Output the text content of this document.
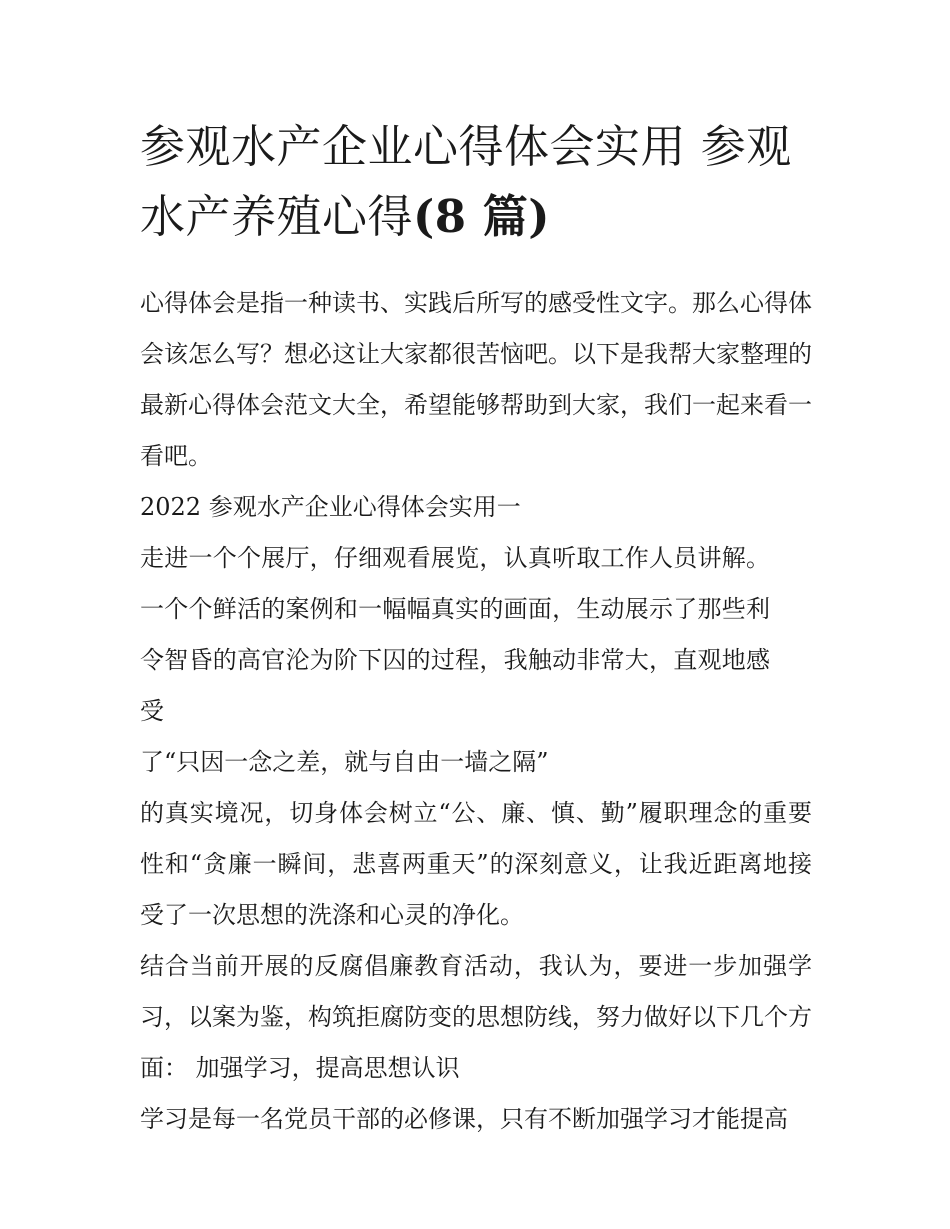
参观水产企业心得体会实用 参观水产养殖心得(8 篇)

心得体会是指一种读书、实践后所写的感受性文字。那么心得体会该怎么写？想必这让大家都很苦恼吧。以下是我帮大家整理的最新心得体会范文大全，希望能够帮助到大家，我们一起来看一看吧。

2022 参观水产企业心得体会实用一

走进一个个展厅，仔细观看展览，认真听取工作人员讲解。一个个鲜活的案例和一幅幅真实的画面，生动展示了那些利令智昏的高官沦为阶下囚的过程，我触动非常大，直观地感受

了“只因一念之差，就与自由一墙之隔”

的真实境况，切身体会树立“公、廉、慎、勤”履职理念的重要性和“贪廉一瞬间，悲喜两重天”的深刻意义，让我近距离地接受了一次思想的洗涤和心灵的净化。

结合当前开展的反腐倡廉教育活动，我认为，要进一步加强学习，以案为鉴，构筑拒腐防变的思想防线，努力做好以下几个方面： 加强学习，提高思想认识

学习是每一名党员干部的必修课，只有不断加强学习才能提高
